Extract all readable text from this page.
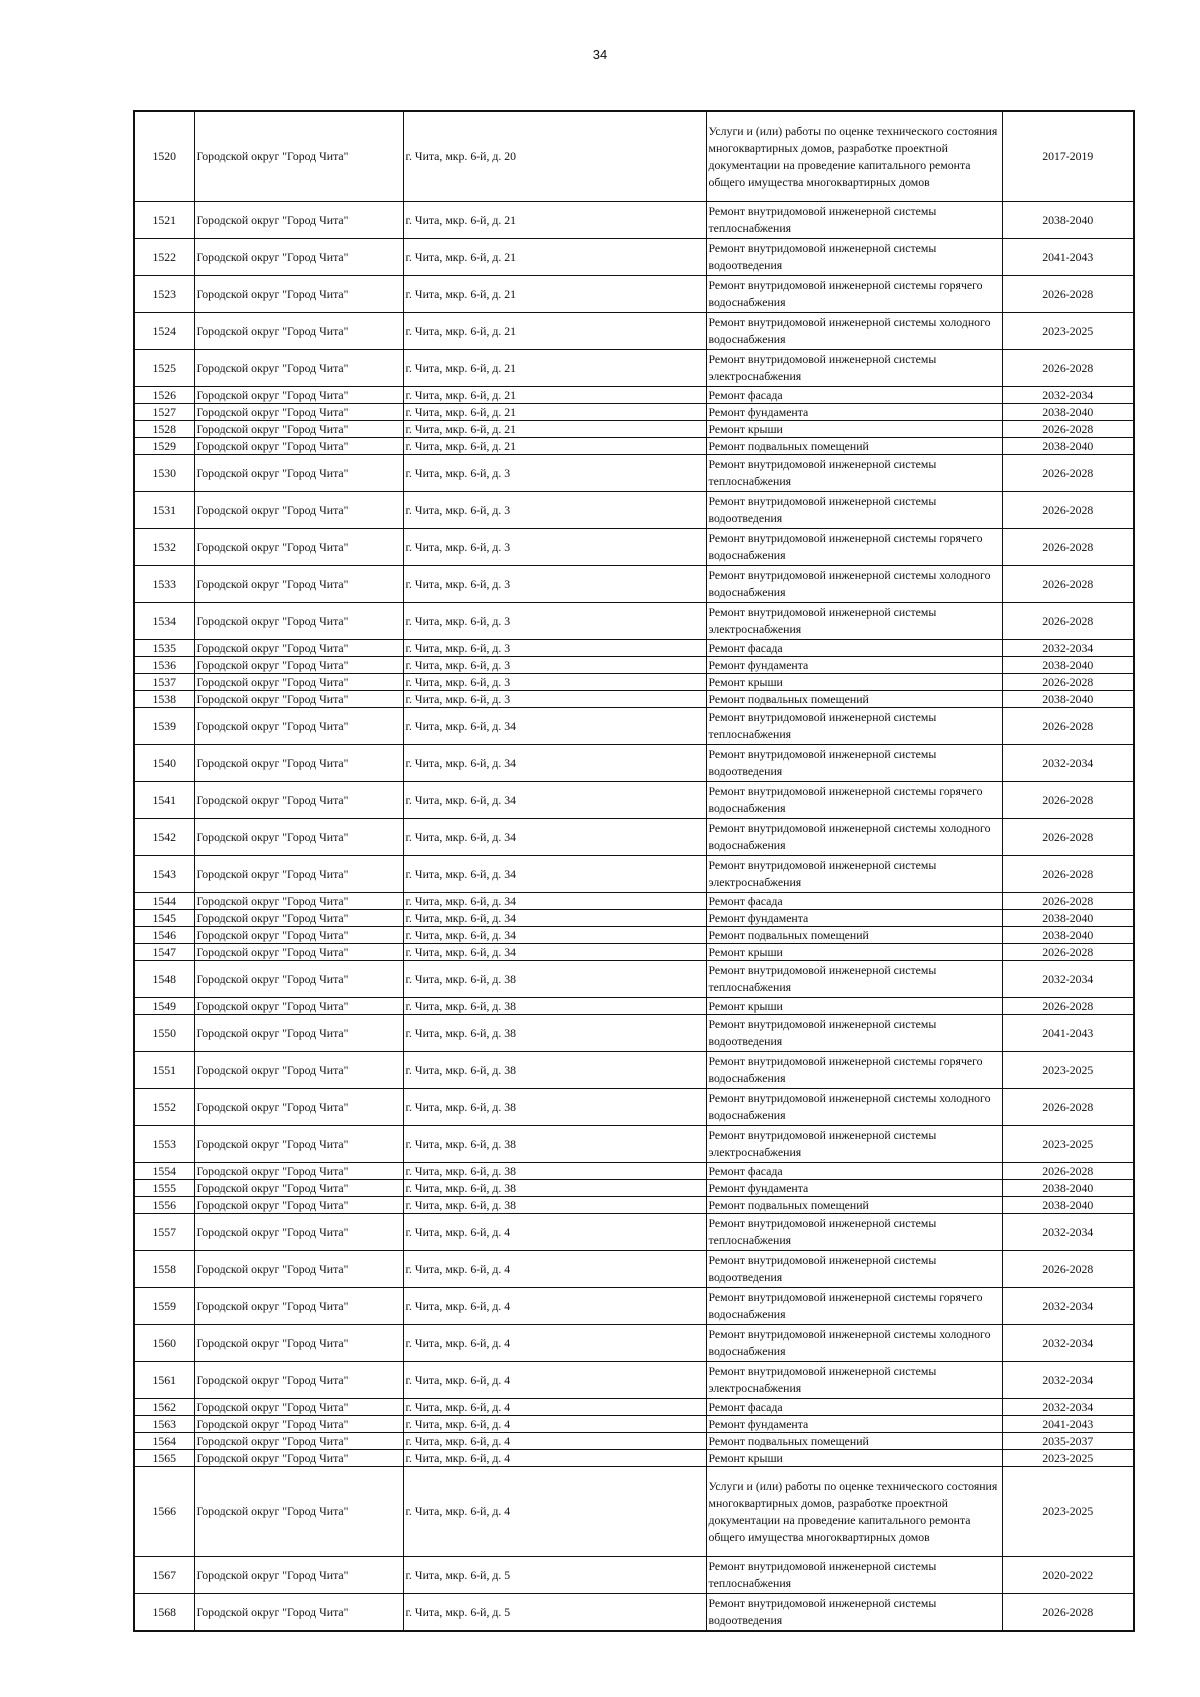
34
1520	Городской округ "Город Чита"	г. Чита, мкр. 6-й, д. 20	Услуги и (или) работы по оценке технического состояния многоквартирных домов, разработке проектной документации на проведение капитального ремонта общего имущества многоквартирных домов	2017-2019
1521	Городской округ "Город Чита"	г. Чита, мкр. 6-й, д. 21	Ремонт внутридомовой инженерной системы теплоснабжения	2038-2040
1522	Городской округ "Город Чита"	г. Чита, мкр. 6-й, д. 21	Ремонт внутридомовой инженерной системы водоотведения	2041-2043
1523	Городской округ "Город Чита"	г. Чита, мкр. 6-й, д. 21	Ремонт внутридомовой инженерной системы горячего водоснабжения	2026-2028
1524	Городской округ "Город Чита"	г. Чита, мкр. 6-й, д. 21	Ремонт внутридомовой инженерной системы холодного водоснабжения	2023-2025
1525	Городской округ "Город Чита"	г. Чита, мкр. 6-й, д. 21	Ремонт внутридомовой инженерной системы электроснабжения	2026-2028
1526	Городской округ "Город Чита"	г. Чита, мкр. 6-й, д. 21	Ремонт фасада	2032-2034
1527	Городской округ "Город Чита"	г. Чита, мкр. 6-й, д. 21	Ремонт фундамента	2038-2040
1528	Городской округ "Город Чита"	г. Чита, мкр. 6-й, д. 21	Ремонт крыши	2026-2028
1529	Городской округ "Город Чита"	г. Чита, мкр. 6-й, д. 21	Ремонт подвальных помещений	2038-2040
1530	Городской округ "Город Чита"	г. Чита, мкр. 6-й, д. 3	Ремонт внутридомовой инженерной системы теплоснабжения	2026-2028
1531	Городской округ "Город Чита"	г. Чита, мкр. 6-й, д. 3	Ремонт внутридомовой инженерной системы водоотведения	2026-2028
1532	Городской округ "Город Чита"	г. Чита, мкр. 6-й, д. 3	Ремонт внутридомовой инженерной системы горячего водоснабжения	2026-2028
1533	Городской округ "Город Чита"	г. Чита, мкр. 6-й, д. 3	Ремонт внутридомовой инженерной системы холодного водоснабжения	2026-2028
1534	Городской округ "Город Чита"	г. Чита, мкр. 6-й, д. 3	Ремонт внутридомовой инженерной системы электроснабжения	2026-2028
1535	Городской округ "Город Чита"	г. Чита, мкр. 6-й, д. 3	Ремонт фасада	2032-2034
1536	Городской округ "Город Чита"	г. Чита, мкр. 6-й, д. 3	Ремонт фундамента	2038-2040
1537	Городской округ "Город Чита"	г. Чита, мкр. 6-й, д. 3	Ремонт крыши	2026-2028
1538	Городской округ "Город Чита"	г. Чита, мкр. 6-й, д. 3	Ремонт подвальных помещений	2038-2040
1539	Городской округ "Город Чита"	г. Чита, мкр. 6-й, д. 34	Ремонт внутридомовой инженерной системы теплоснабжения	2026-2028
1540	Городской округ "Город Чита"	г. Чита, мкр. 6-й, д. 34	Ремонт внутридомовой инженерной системы водоотведения	2032-2034
1541	Городской округ "Город Чита"	г. Чита, мкр. 6-й, д. 34	Ремонт внутридомовой инженерной системы горячего водоснабжения	2026-2028
1542	Городской округ "Город Чита"	г. Чита, мкр. 6-й, д. 34	Ремонт внутридомовой инженерной системы холодного водоснабжения	2026-2028
1543	Городской округ "Город Чита"	г. Чита, мкр. 6-й, д. 34	Ремонт внутридомовой инженерной системы электроснабжения	2026-2028
1544	Городской округ "Город Чита"	г. Чита, мкр. 6-й, д. 34	Ремонт фасада	2026-2028
1545	Городской округ "Город Чита"	г. Чита, мкр. 6-й, д. 34	Ремонт фундамента	2038-2040
1546	Городской округ "Город Чита"	г. Чита, мкр. 6-й, д. 34	Ремонт подвальных помещений	2038-2040
1547	Городской округ "Город Чита"	г. Чита, мкр. 6-й, д. 34	Ремонт крыши	2026-2028
1548	Городской округ "Город Чита"	г. Чита, мкр. 6-й, д. 38	Ремонт внутридомовой инженерной системы теплоснабжения	2032-2034
1549	Городской округ "Город Чита"	г. Чита, мкр. 6-й, д. 38	Ремонт крыши	2026-2028
1550	Городской округ "Город Чита"	г. Чита, мкр. 6-й, д. 38	Ремонт внутридомовой инженерной системы водоотведения	2041-2043
1551	Городской округ "Город Чита"	г. Чита, мкр. 6-й, д. 38	Ремонт внутридомовой инженерной системы горячего водоснабжения	2023-2025
1552	Городской округ "Город Чита"	г. Чита, мкр. 6-й, д. 38	Ремонт внутридомовой инженерной системы холодного водоснабжения	2026-2028
1553	Городской округ "Город Чита"	г. Чита, мкр. 6-й, д. 38	Ремонт внутридомовой инженерной системы электроснабжения	2023-2025
1554	Городской округ "Город Чита"	г. Чита, мкр. 6-й, д. 38	Ремонт фасада	2026-2028
1555	Городской округ "Город Чита"	г. Чита, мкр. 6-й, д. 38	Ремонт фундамента	2038-2040
1556	Городской округ "Город Чита"	г. Чита, мкр. 6-й, д. 38	Ремонт подвальных помещений	2038-2040
1557	Городской округ "Город Чита"	г. Чита, мкр. 6-й, д. 4	Ремонт внутридомовой инженерной системы теплоснабжения	2032-2034
1558	Городской округ "Город Чита"	г. Чита, мкр. 6-й, д. 4	Ремонт внутридомовой инженерной системы водоотведения	2026-2028
1559	Городской округ "Город Чита"	г. Чита, мкр. 6-й, д. 4	Ремонт внутридомовой инженерной системы горячего водоснабжения	2032-2034
1560	Городской округ "Город Чита"	г. Чита, мкр. 6-й, д. 4	Ремонт внутридомовой инженерной системы холодного водоснабжения	2032-2034
1561	Городской округ "Город Чита"	г. Чита, мкр. 6-й, д. 4	Ремонт внутридомовой инженерной системы электроснабжения	2032-2034
1562	Городской округ "Город Чита"	г. Чита, мкр. 6-й, д. 4	Ремонт фасада	2032-2034
1563	Городской округ "Город Чита"	г. Чита, мкр. 6-й, д. 4	Ремонт фундамента	2041-2043
1564	Городской округ "Город Чита"	г. Чита, мкр. 6-й, д. 4	Ремонт подвальных помещений	2035-2037
1565	Городской округ "Город Чита"	г. Чита, мкр. 6-й, д. 4	Ремонт крыши	2023-2025
1566	Городской округ "Город Чита"	г. Чита, мкр. 6-й, д. 4	Услуги и (или) работы по оценке технического состояния многоквартирных домов, разработке проектной документации на проведение капитального ремонта общего имущества многоквартирных домов	2023-2025
1567	Городской округ "Город Чита"	г. Чита, мкр. 6-й, д. 5	Ремонт внутридомовой инженерной системы теплоснабжения	2020-2022
1568	Городской округ "Город Чита"	г. Чита, мкр. 6-й, д. 5	Ремонт внутридомовой инженерной системы водоотведения	2026-2028
